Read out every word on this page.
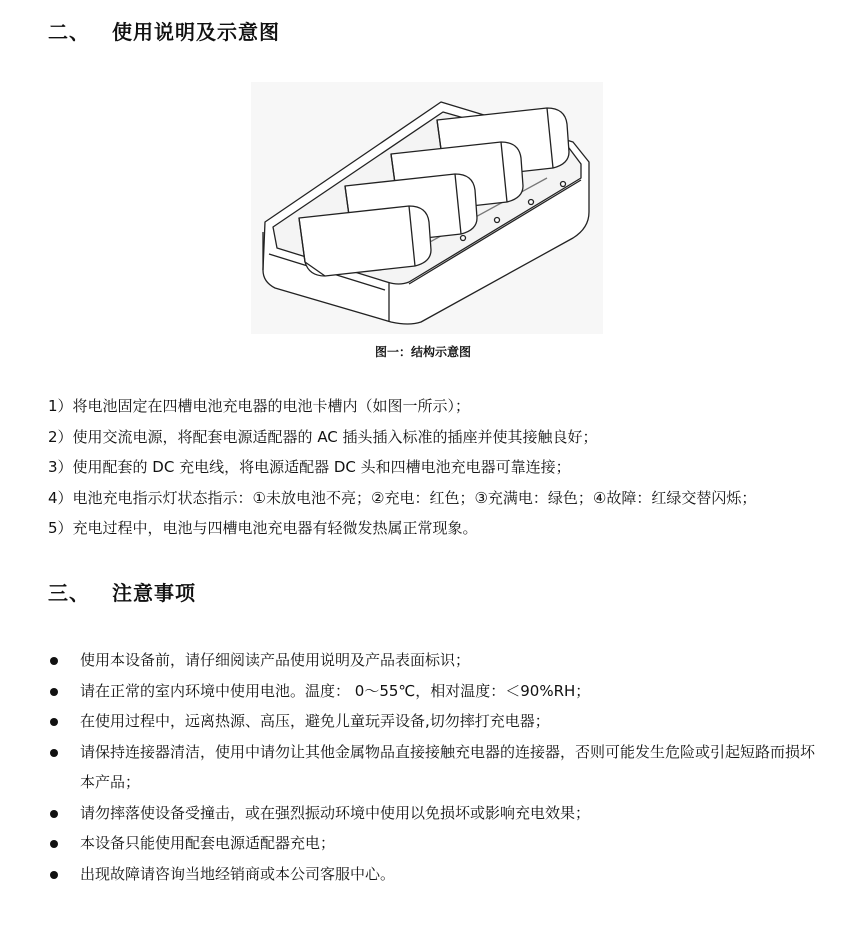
二、	使用说明及示意图
图一：结构示意图
1）将电池固定在四槽电池充电器的电池卡槽内（如图一所示）；
2）使用交流电源，将配套电源适配器的 AC 插头插入标准的插座并使其接触良好；
3）使用配套的 DC 充电线，将电源适配器 DC 头和四槽电池充电器可靠连接；
4）电池充电指示灯状态指示：①未放电池不亮；②充电：红色；③充满电：绿色；④故障：红绿交替闪烁；
5）充电过程中，电池与四槽电池充电器有轻微发热属正常现象。
三、	注意事项
使用本设备前，请仔细阅读产品使用说明及产品表面标识；
请在正常的室内环境中使用电池。温度： 0～55℃，相对温度：＜90%RH；
在使用过程中，远离热源、高压，避免儿童玩弄设备,切勿摔打充电器；
请保持连接器清洁，使用中请勿让其他金属物品直接接触充电器的连接器，否则可能发生危险或引起短路而损坏本产品；
请勿摔落使设备受撞击，或在强烈振动环境中使用以免损坏或影响充电效果；
本设备只能使用配套电源适配器充电；
出现故障请咨询当地经销商或本公司客服中心。
